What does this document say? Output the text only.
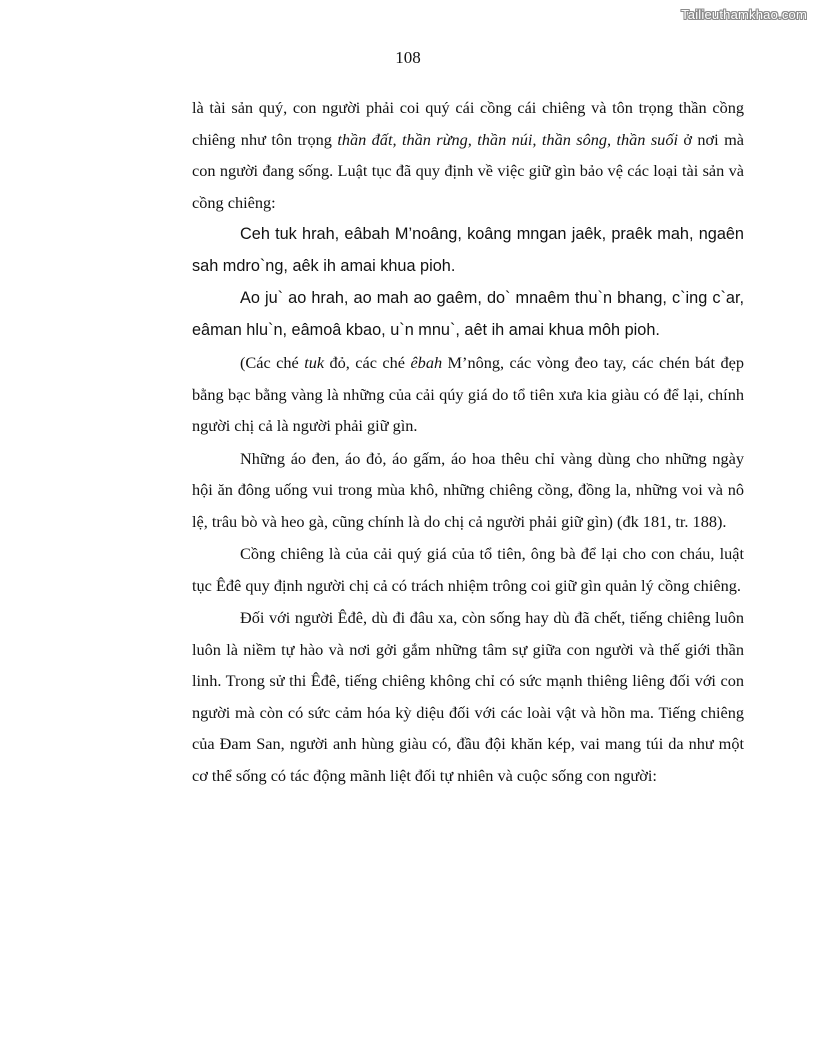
Tailieuthamkhao.com
108

là tài sản quý, con người phải coi quý cái cồng cái chiêng và tôn trọng thần cồng chiêng như tôn trọng thần đất, thần rừng, thần núi, thần sông, thần suối ở nơi mà con người đang sống. Luật tục đã quy định về việc giữ gìn bảo vệ các loại tài sản và cồng chiêng:

Ceh tuk hrah, eâbah M’noâng, koâng mngan jaêk, praêk mah, ngaên sah mdro`ng, aêk ih amai khua pioh.

Ao ju` ao hrah, ao mah ao gaêm, do` mnaêm thu`n bhang, c`ing c`ar, eâman hlu`n, eâmoâ kbao, u`n mnu`, aêt ih amai khua môh pioh.

(Các ché tuk đỏ, các ché êbah M’nông, các vòng đeo tay, các chén bát đẹp bằng bạc bằng vàng là những của cải qúy giá do tổ tiên xưa kia giàu có để lại, chính người chị cả là người phải giữ gìn.

Những áo đen, áo đỏ, áo gấm, áo hoa thêu chỉ vàng dùng cho những ngày hội ăn đông uống vui trong mùa khô, những chiêng cồng, đồng la, những voi và nô lệ, trâu bò và heo gà, cũng chính là do chị cả người phải giữ gìn) (đk 181, tr. 188).

Cồng chiêng là của cải quý giá của tổ tiên, ông bà để lại cho con cháu, luật tục Êđê quy định người chị cả có trách nhiệm trông coi giữ gìn quản lý cồng chiêng.

Đối với người Êđê, dù đi đâu xa, còn sống hay dù đã chết, tiếng chiêng luôn luôn là niềm tự hào và nơi gởi gắm những tâm sự giữa con người và thế giới thần linh. Trong sử thi Êđê, tiếng chiêng không chỉ có sức mạnh thiêng liêng đối với con người mà còn có sức cảm hóa kỳ diệu đối với các loài vật và hồn ma. Tiếng chiêng của Đam San, người anh hùng giàu có, đầu đội khăn kép, vai mang túi da như một cơ thể sống có tác động mãnh liệt đối tự nhiên và cuộc sống con người:
